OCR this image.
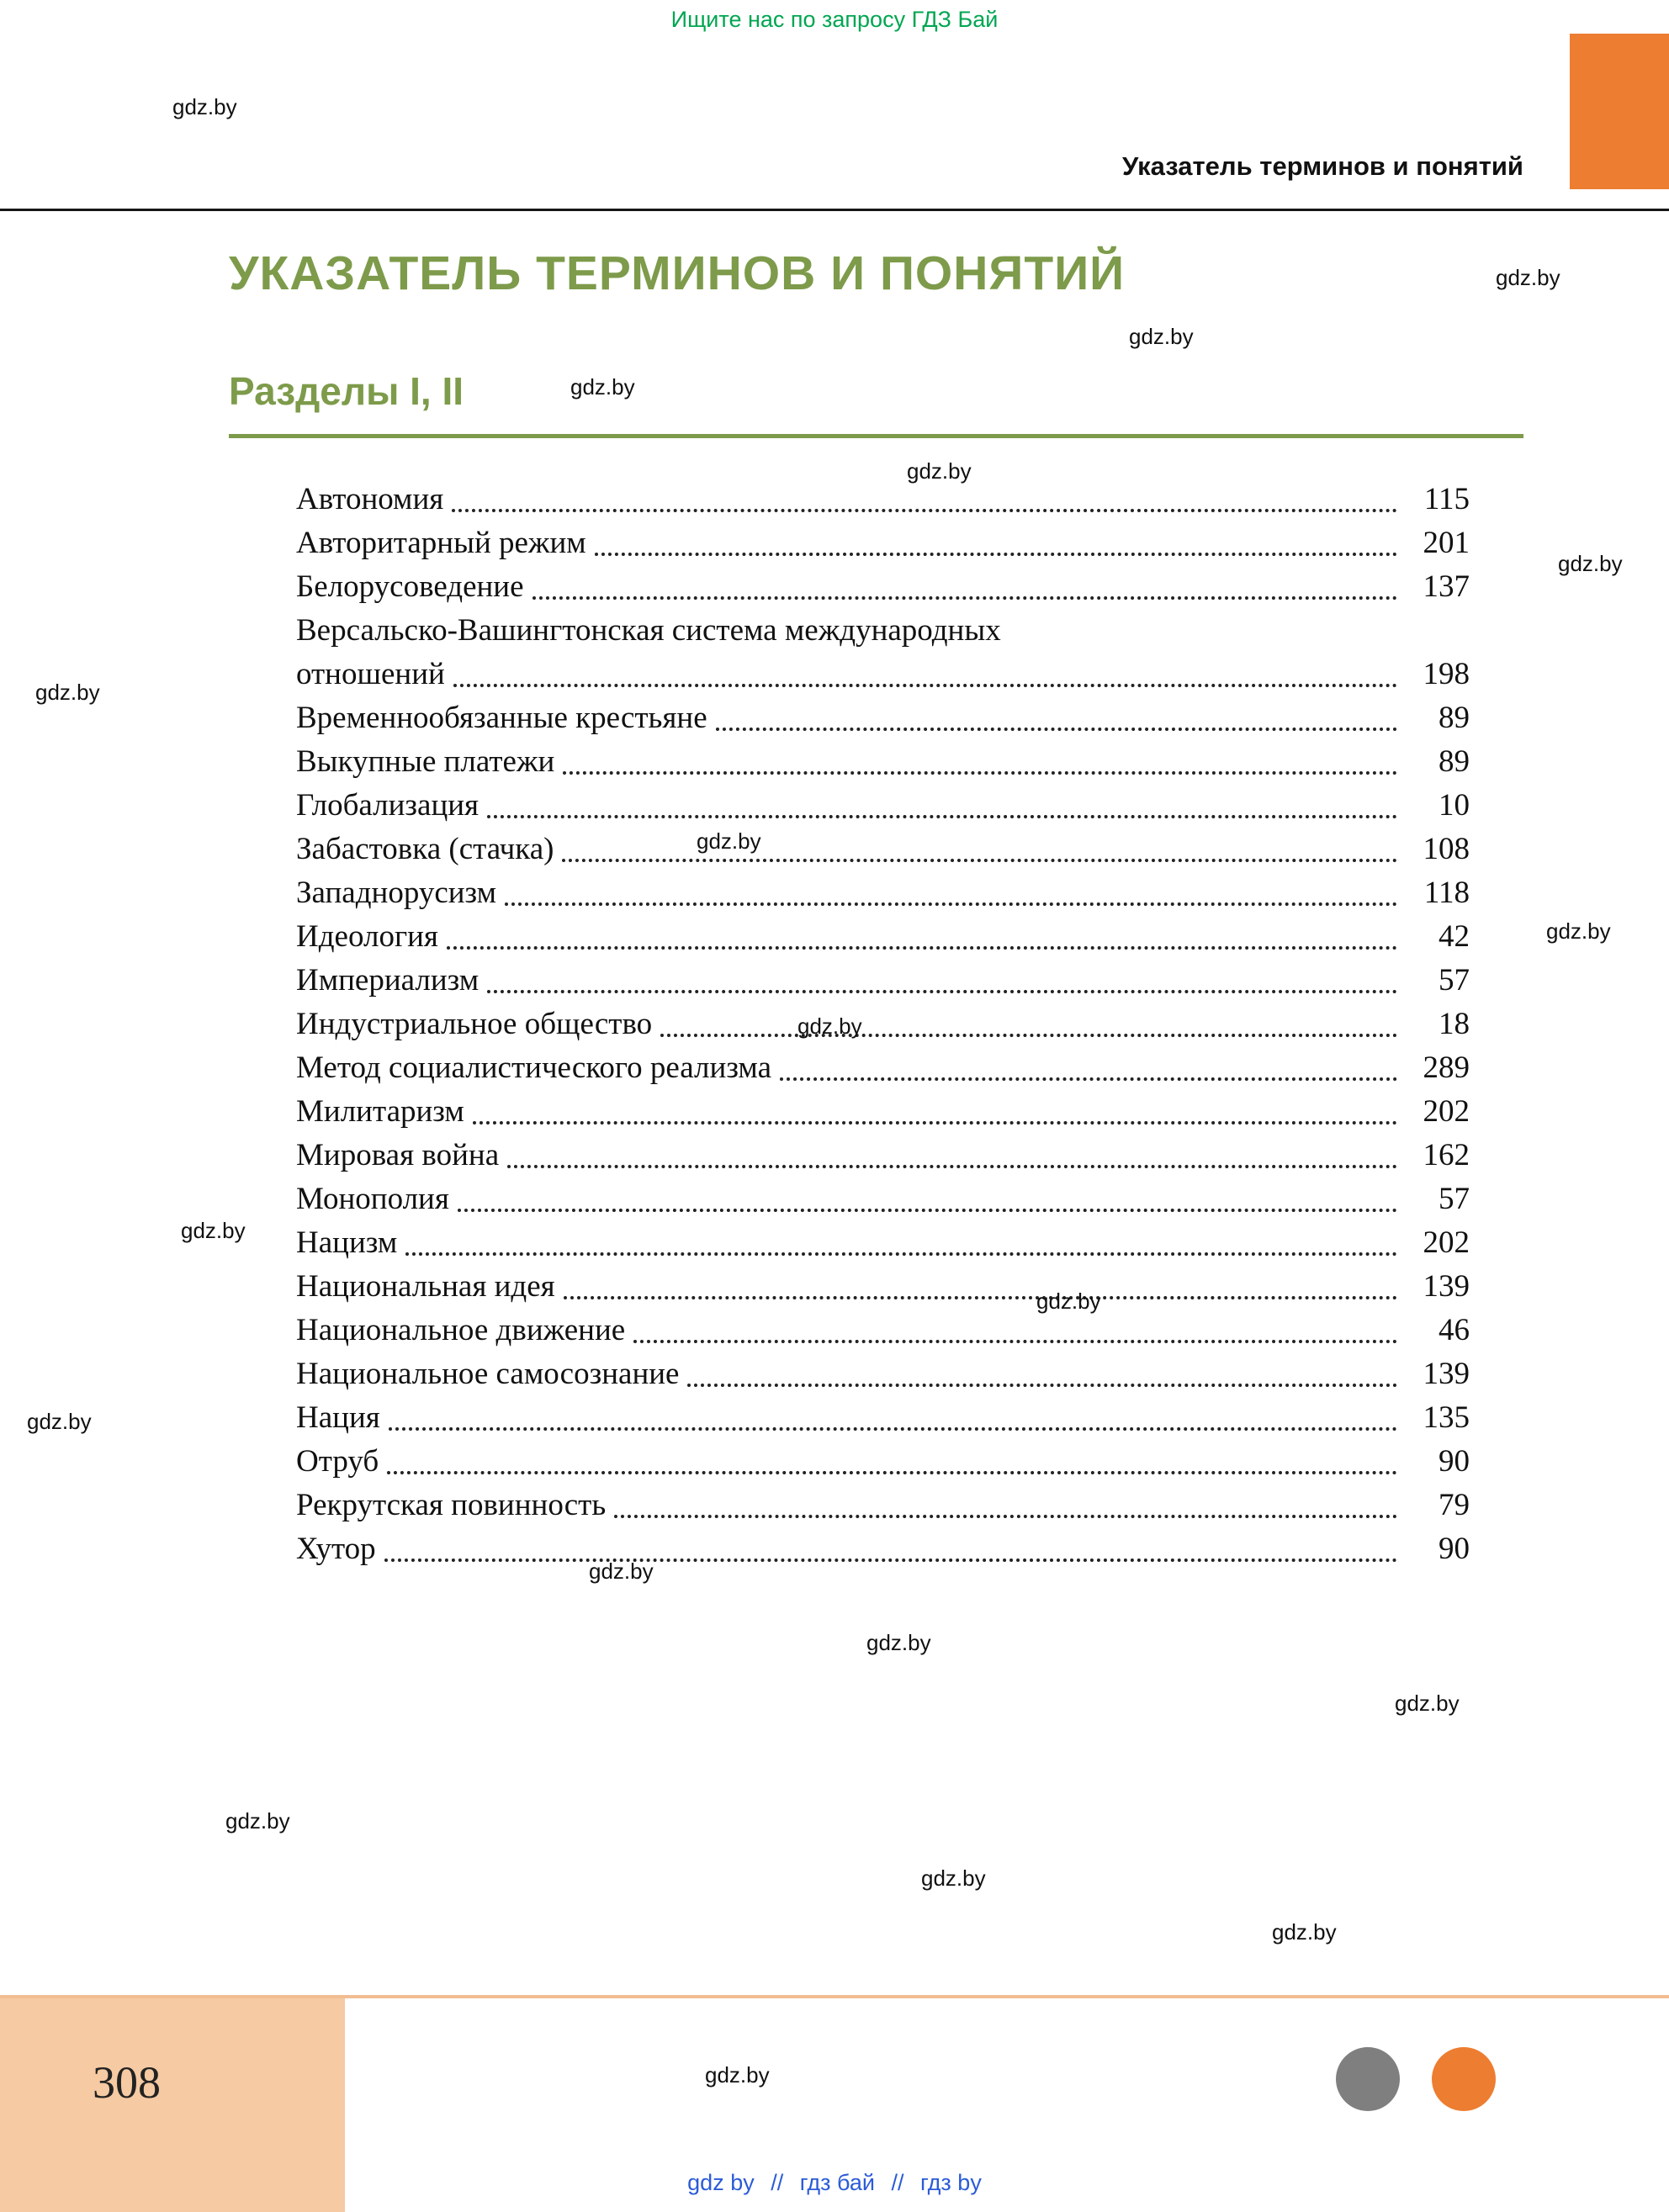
Ищите нас по запросу ГДЗ Бай
Указатель терминов и понятий
УКАЗАТЕЛЬ ТЕРМИНОВ И ПОНЯТИЙ
Разделы I, II
Автономия	115
Авторитарный режим	201
Белорусоведение	137
Версальско-Вашингтонская система международных
отношений	198
Временнообязанные крестьяне	89
Выкупные платежи	89
Глобализация	10
Забастовка (стачка)	108
Западнорусизм	118
Идеология	42
Империализм	57
Индустриальное общество	18
Метод социалистического реализма	289
Милитаризм	202
Мировая война	162
Монополия	57
Нацизм	202
Национальная идея	139
Национальное движение	46
Национальное самосознание	139
Нация	135
Отруб	90
Рекрутская повинность	79
Хутор	90
gdz.by
gdz.by
gdz.by
gdz.by
gdz.by
gdz.by
gdz.by
gdz.by
gdz.by
gdz.by
gdz.by
gdz.by
gdz.by
gdz.by
gdz.by
gdz.by
gdz.by
gdz.by
gdz.by
gdz.by
308
gdz by // гдз бай // гдз by
